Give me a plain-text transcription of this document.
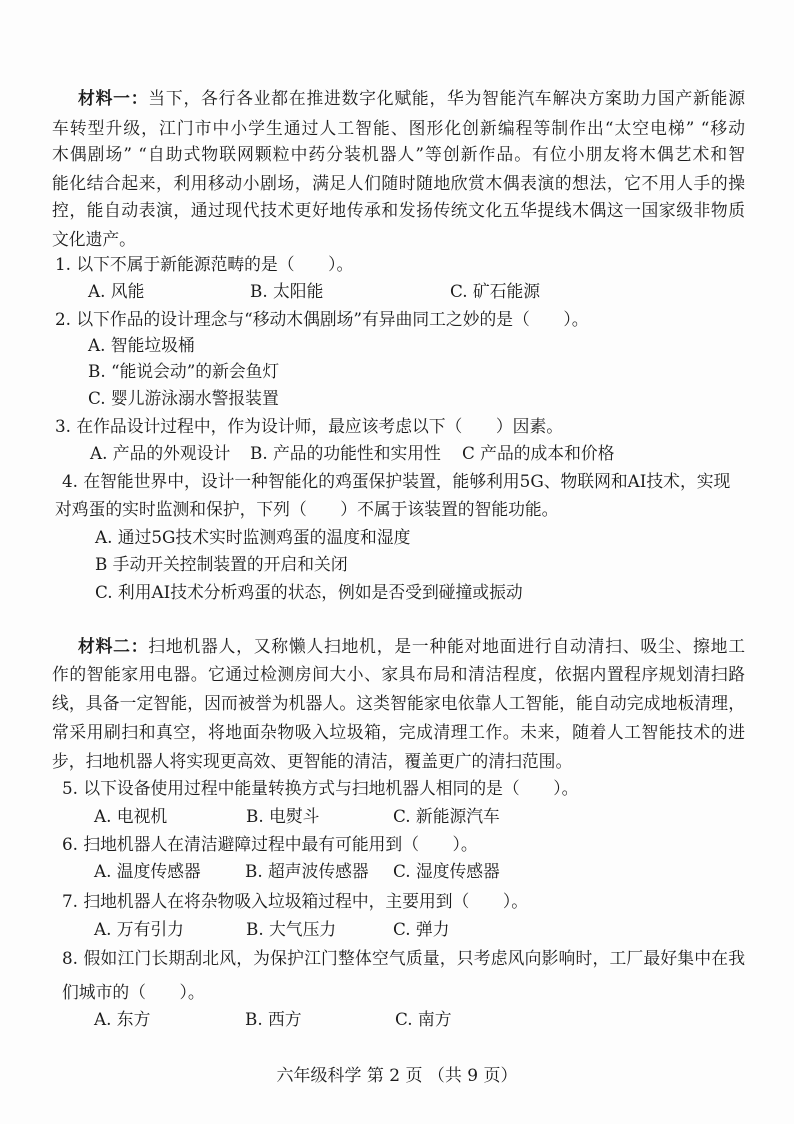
材料一：当下，各行各业都在推进数字化赋能，华为智能汽车解决方案助力国产新能源
车转型升级，江门市中小学生通过人工智能、图形化创新编程等制作出“太空电梯” “移动
木偶剧场” “自助式物联网颗粒中药分装机器人”等创新作品。有位小朋友将木偶艺术和智
能化结合起来，利用移动小剧场，满足人们随时随地欣赏木偶表演的想法，它不用人手的操
控，能自动表演，通过现代技术更好地传承和发扬传统文化五华提线木偶这一国家级非物质
文化遗产。
1. 以下不属于新能源范畴的是（　　）。
A. 风能	B. 太阳能	C. 矿石能源
2. 以下作品的设计理念与“移动木偶剧场”有异曲同工之妙的是（　　）。
A. 智能垃圾桶
B. “能说会动”的新会鱼灯
C. 婴儿游泳溺水警报装置
3. 在作品设计过程中，作为设计师，最应该考虑以下（　　）因素。
A. 产品的外观设计 B. 产品的功能性和实用性 C 产品的成本和价格
4. 在智能世界中，设计一种智能化的鸡蛋保护装置，能够利用5G、物联网和AI技术，实现
对鸡蛋的实时监测和保护，下列（　　）不属于该装置的智能功能。
A. 通过5G技术实时监测鸡蛋的温度和湿度
B 手动开关控制装置的开启和关闭
C. 利用AI技术分析鸡蛋的状态，例如是否受到碰撞或振动
材料二：扫地机器人，又称懒人扫地机，是一种能对地面进行自动清扫、吸尘、擦地工
作的智能家用电器。它通过检测房间大小、家具布局和清洁程度，依据内置程序规划清扫路
线，具备一定智能，因而被誉为机器人。这类智能家电依靠人工智能，能自动完成地板清理，
常采用刷扫和真空，将地面杂物吸入垃圾箱，完成清理工作。未来，随着人工智能技术的进
步，扫地机器人将实现更高效、更智能的清洁，覆盖更广的清扫范围。
5. 以下设备使用过程中能量转换方式与扫地机器人相同的是（　　）。
A. 电视机	B. 电熨斗	C. 新能源汽车
6. 扫地机器人在清洁避障过程中最有可能用到（　　）。
A. 温度传感器	B. 超声波传感器 C. 湿度传感器
7. 扫地机器人在将杂物吸入垃圾箱过程中，主要用到（　　）。
A. 万有引力	B. 大气压力	C. 弹力
8. 假如江门长期刮北风，为保护江门整体空气质量，只考虑风向影响时，工厂最好集中在我
们城市的（　　）。
A. 东方	B. 西方	C. 南方
六年级科学 第 2 页 （共 9 页）
